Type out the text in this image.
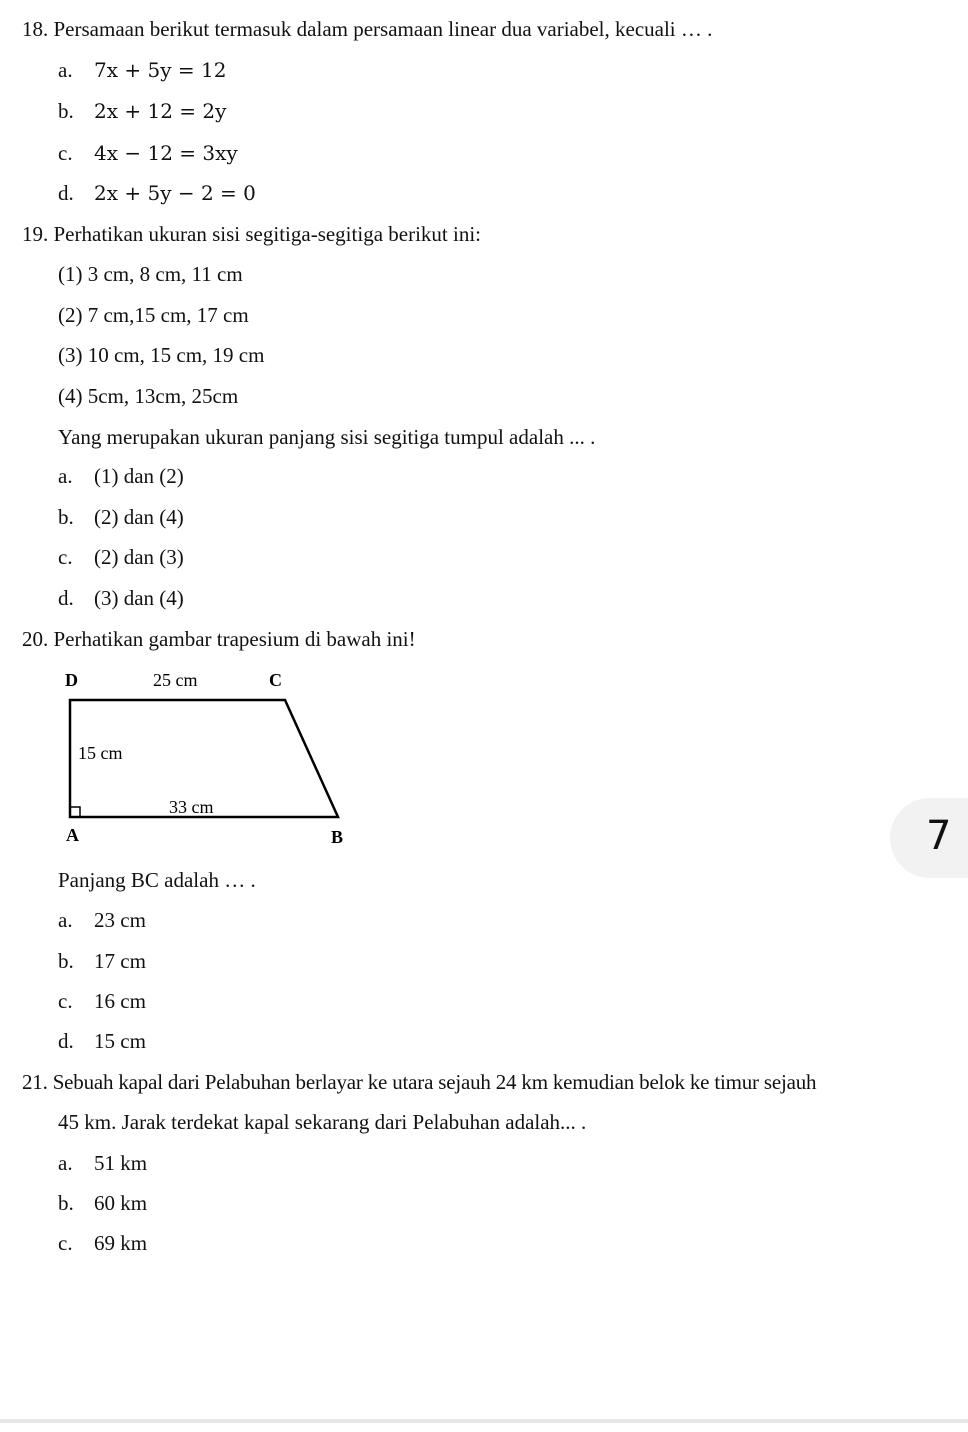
18. Persamaan berikut termasuk dalam persamaan linear dua variabel, kecuali … .
a. 7x + 5y = 12
b. 2x + 12 = 2y
c. 4x − 12 = 3xy
d. 2x + 5y − 2 = 0
19. Perhatikan ukuran sisi segitiga-segitiga berikut ini:
(1) 3 cm, 8 cm, 11 cm
(2) 7 cm,15 cm, 17 cm
(3) 10 cm, 15 cm, 19 cm
(4) 5cm, 13cm, 25cm
Yang merupakan ukuran panjang sisi segitiga tumpul adalah ... .
a. (1) dan (2)
b. (2) dan (4)
c. (2) dan (3)
d. (3) dan (4)
20. Perhatikan gambar trapesium di bawah ini!
D	C
A	B
25 cm
15 cm
33 cm
7
Panjang BC adalah … .
a. 23 cm
b. 17 cm
c. 16 cm
d. 15 cm
21. Sebuah kapal dari Pelabuhan berlayar ke utara sejauh 24 km kemudian belok ke timur sejauh
45 km. Jarak terdekat kapal sekarang dari Pelabuhan adalah... .
a. 51 km
b. 60 km
c. 69 km
